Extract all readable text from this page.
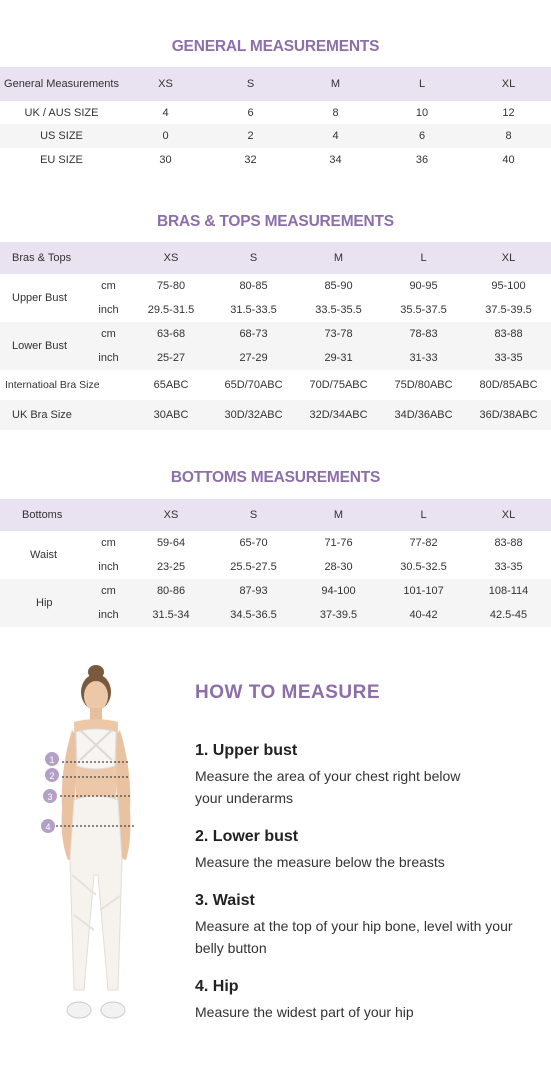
GENERAL MEASUREMENTS
General Measurements	XS	S	M	L	XL
UK / AUS SIZE	4	6	8	10	12
US SIZE	0	2	4	6	8
EU SIZE	30	32	34	36	40
BRAS & TOPS MEASUREMENTS
Bras & Tops		XS	S	M	L	XL
Upper Bust	cm	75-80	80-85	85-90	90-95	95-100
	inch	29.5-31.5	31.5-33.5	33.5-35.5	35.5-37.5	37.5-39.5
Lower Bust	cm	63-68	68-73	73-78	78-83	83-88
	inch	25-27	27-29	29-31	31-33	33-35
Internatioal Bra Size		65ABC	65D/70ABC	70D/75ABC	75D/80ABC	80D/85ABC
UK Bra Size		30ABC	30D/32ABC	32D/34ABC	34D/36ABC	36D/38ABC
BOTTOMS MEASUREMENTS
Bottoms		XS	S	M	L	XL
Waist	cm	59-64	65-70	71-76	77-82	83-88
	inch	23-25	25.5-27.5	28-30	30.5-32.5	33-35
Hip	cm	80-86	87-93	94-100	101-107	108-114
	inch	31.5-34	34.5-36.5	37-39.5	40-42	42.5-45
1
2
3
4
HOW TO MEASURE
1. Upper bust
Measure the area of your chest right below your underarms
2. Lower bust
Measure the measure below the breasts
3. Waist
Measure at the top of your hip bone, level with your belly button
4. Hip
Measure the widest part of your hip
